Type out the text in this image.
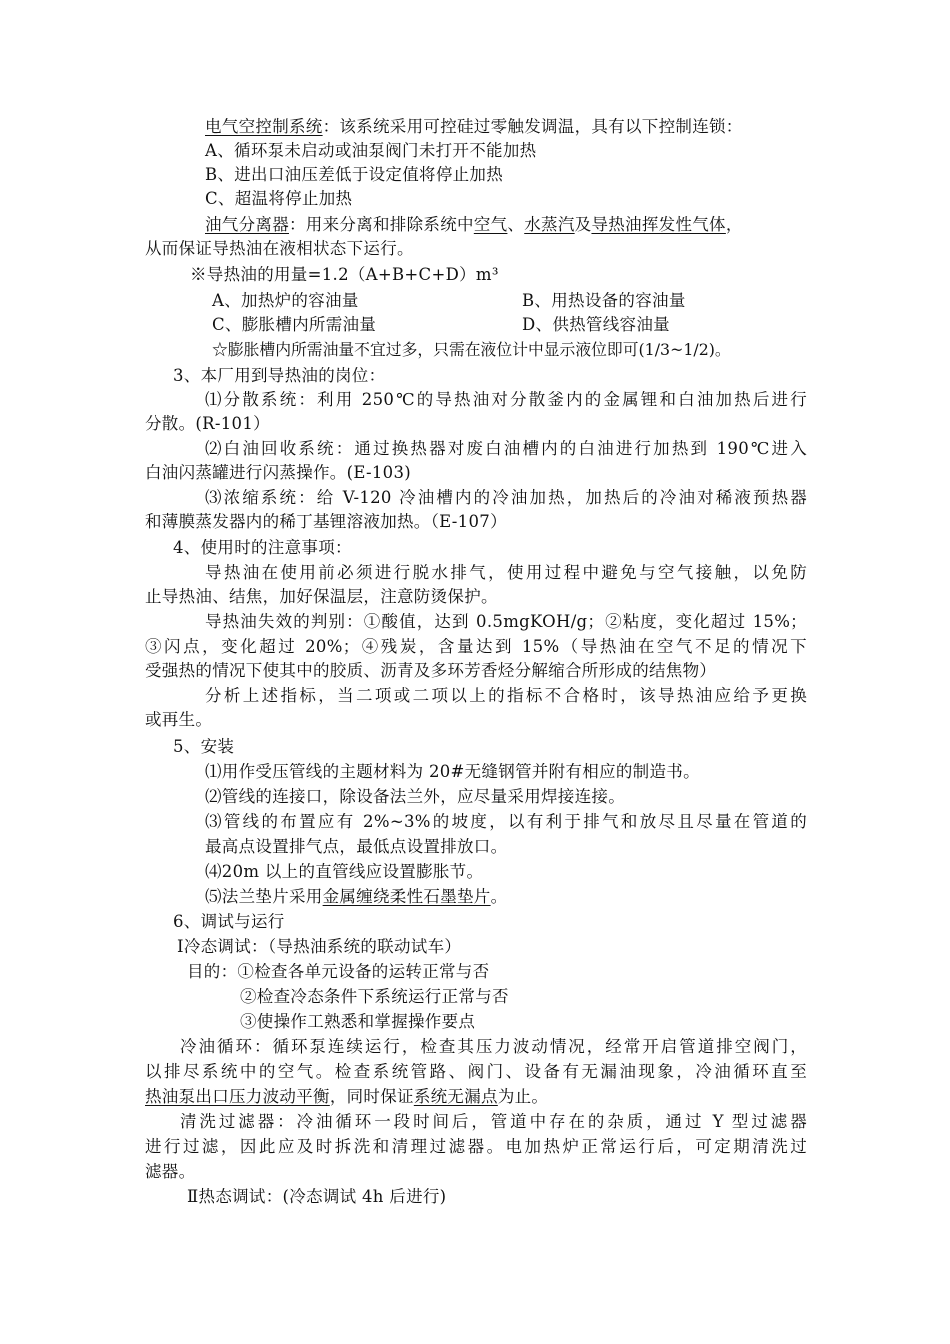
电气空控制系统：该系统采用可控硅过零触发调温，具有以下控制连锁：
A、循环泵未启动或油泵阀门未打开不能加热
B、进出口油压差低于设定值将停止加热
C、超温将停止加热
油气分离器：用来分离和排除系统中空气、水蒸汽及导热油挥发性气体，
从而保证导热油在液相状态下运行。
※导热油的用量=1.2（A+B+C+D）m³
A、加热炉的容油量	B、用热设备的容油量
C、膨胀槽内所需油量	D、供热管线容油量
☆膨胀槽内所需油量不宜过多，只需在液位计中显示液位即可(1/3~1/2)。
3、本厂用到导热油的岗位：
⑴分散系统：利用 250℃的导热油对分散釜内的金属锂和白油加热后进行
分散。(R-101）
⑵白油回收系统：通过换热器对废白油槽内的白油进行加热到 190℃进入
白油闪蒸罐进行闪蒸操作。(E-103)
⑶浓缩系统：给 V-120 冷油槽内的冷油加热，加热后的冷油对稀液预热器
和薄膜蒸发器内的稀丁基锂溶液加热。（E-107）
4、使用时的注意事项：
导热油在使用前必须进行脱水排气，使用过程中避免与空气接触，以免防
止导热油、结焦，加好保温层，注意防烫保护。
导热油失效的判别：①酸值，达到 0.5mgKOH/g；②粘度，变化超过 15%；
③闪点，变化超过 20%；④残炭，含量达到 15%（导热油在空气不足的情况下
受强热的情况下使其中的胶质、沥青及多环芳香烃分解缩合所形成的结焦物）
分析上述指标，当二项或二项以上的指标不合格时，该导热油应给予更换
或再生。
5、安装
⑴用作受压管线的主题材料为 20#无缝钢管并附有相应的制造书。
⑵管线的连接口，除设备法兰外，应尽量采用焊接连接。
⑶管线的布置应有 2%~3%的坡度，以有利于排气和放尽且尽量在管道的
最高点设置排气点，最低点设置排放口。
⑷20m 以上的直管线应设置膨胀节。
⑸法兰垫片采用金属缠绕柔性石墨垫片。
6、调试与运行
Ⅰ冷态调试：（导热油系统的联动试车）
目的：①检查各单元设备的运转正常与否
②检查冷态条件下系统运行正常与否
③使操作工熟悉和掌握操作要点
冷油循环：循环泵连续运行，检查其压力波动情况，经常开启管道排空阀门，
以排尽系统中的空气。检查系统管路、阀门、设备有无漏油现象，冷油循环直至
热油泵出口压力波动平衡，同时保证系统无漏点为止。
清洗过滤器：冷油循环一段时间后，管道中存在的杂质，通过 Y 型过滤器
进行过滤，因此应及时拆洗和清理过滤器。电加热炉正常运行后，可定期清洗过
滤器。
Ⅱ热态调试：(冷态调试 4h 后进行)
